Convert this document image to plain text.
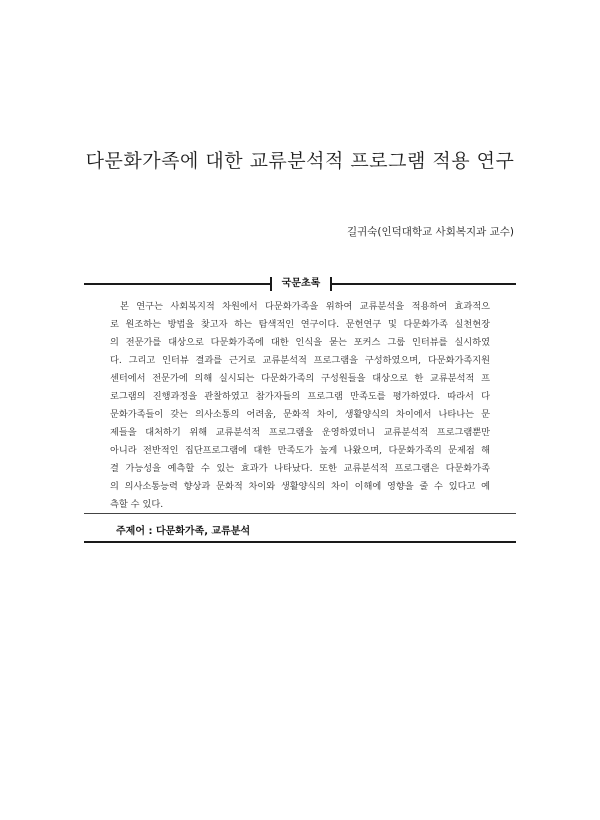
다문화가족에 대한 교류분석적 프로그램 적용 연구
길귀숙(인덕대학교 사회복지과 교수)
국문초록
본 연구는 사회복지적 차원에서 다문화가족을 위하여 교류분석을 적용하여 효과적으
로 원조하는 방법을 찾고자 하는 탐색적인 연구이다. 문헌연구 및 다문화가족 실천현장
의 전문가를 대상으로 다문화가족에 대한 인식을 묻는 포커스 그룹 인터뷰를 실시하였
다. 그리고 인터뷰 결과를 근거로 교류분석적 프로그램을 구성하였으며, 다문화가족지원
센터에서 전문가에 의해 실시되는 다문화가족의 구성원들을 대상으로 한 교류분석적 프
로그램의 진행과정을 관찰하였고 참가자들의 프로그램 만족도를 평가하였다. 따라서 다
문화가족들이 갖는 의사소통의 어려움, 문화적 차이, 생활양식의 차이에서 나타나는 문
제들을 대처하기 위해 교류분석적 프로그램을 운영하였더니 교류분석적 프로그램뿐만
아니라 전반적인 집단프로그램에 대한 만족도가 높게 나왔으며, 다문화가족의 문제점 해
결 가능성을 예측할 수 있는 효과가 나타났다. 또한 교류분석적 프로그램은 다문화가족
의 의사소통능력 향상과 문화적 차이와 생활양식의 차이 이해에 영향을 줄 수 있다고 예
측할 수 있다.
주제어 : 다문화가족, 교류분석
